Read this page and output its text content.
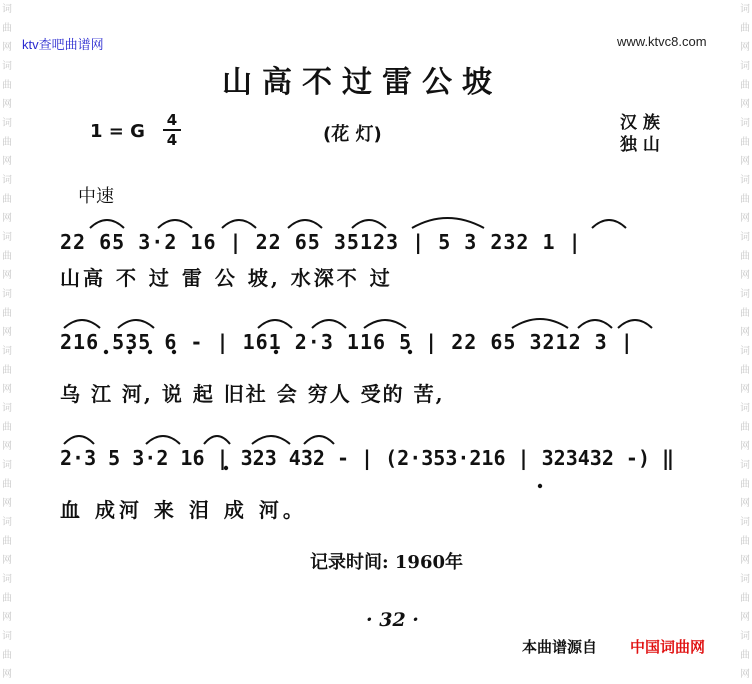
词
曲
网
词
曲
网
词
曲
网
词
曲
网
词
曲
网
词
曲
网
词
曲
网
词
曲
网
词
曲
网
词
曲
网
词
曲
网
词
曲
网
词
曲
网
词
曲
网
词
曲
网
词
曲
网
词
曲
网
词
曲
网
词
曲
网
词
曲
网
词
曲
网
词
曲
网
词
曲
网
词
曲
网
ktv查吧曲谱网	www.ktvc8.com
山高不过雷公坡
1 = G
4
4	(花 灯)
汉 族
独 山
中速
22 65 3·2 16 | 22 65 35123 | 5 3 232 1 |
山高 不 过 雷 公 坡, 水深不 过
216 535 6 - | 161 2·3 116 5 | 22 65 3212 3 |
乌 江 河, 说 起 旧社 会 穷人 受的 苦,
2·3 5 3·2 16 | 323 432 - | (2·353·216 | 323432 -) ‖
血 成河 来 泪 成 河。
记录时间: 1960年
· 32 ·
本曲谱源自 中国词曲网
